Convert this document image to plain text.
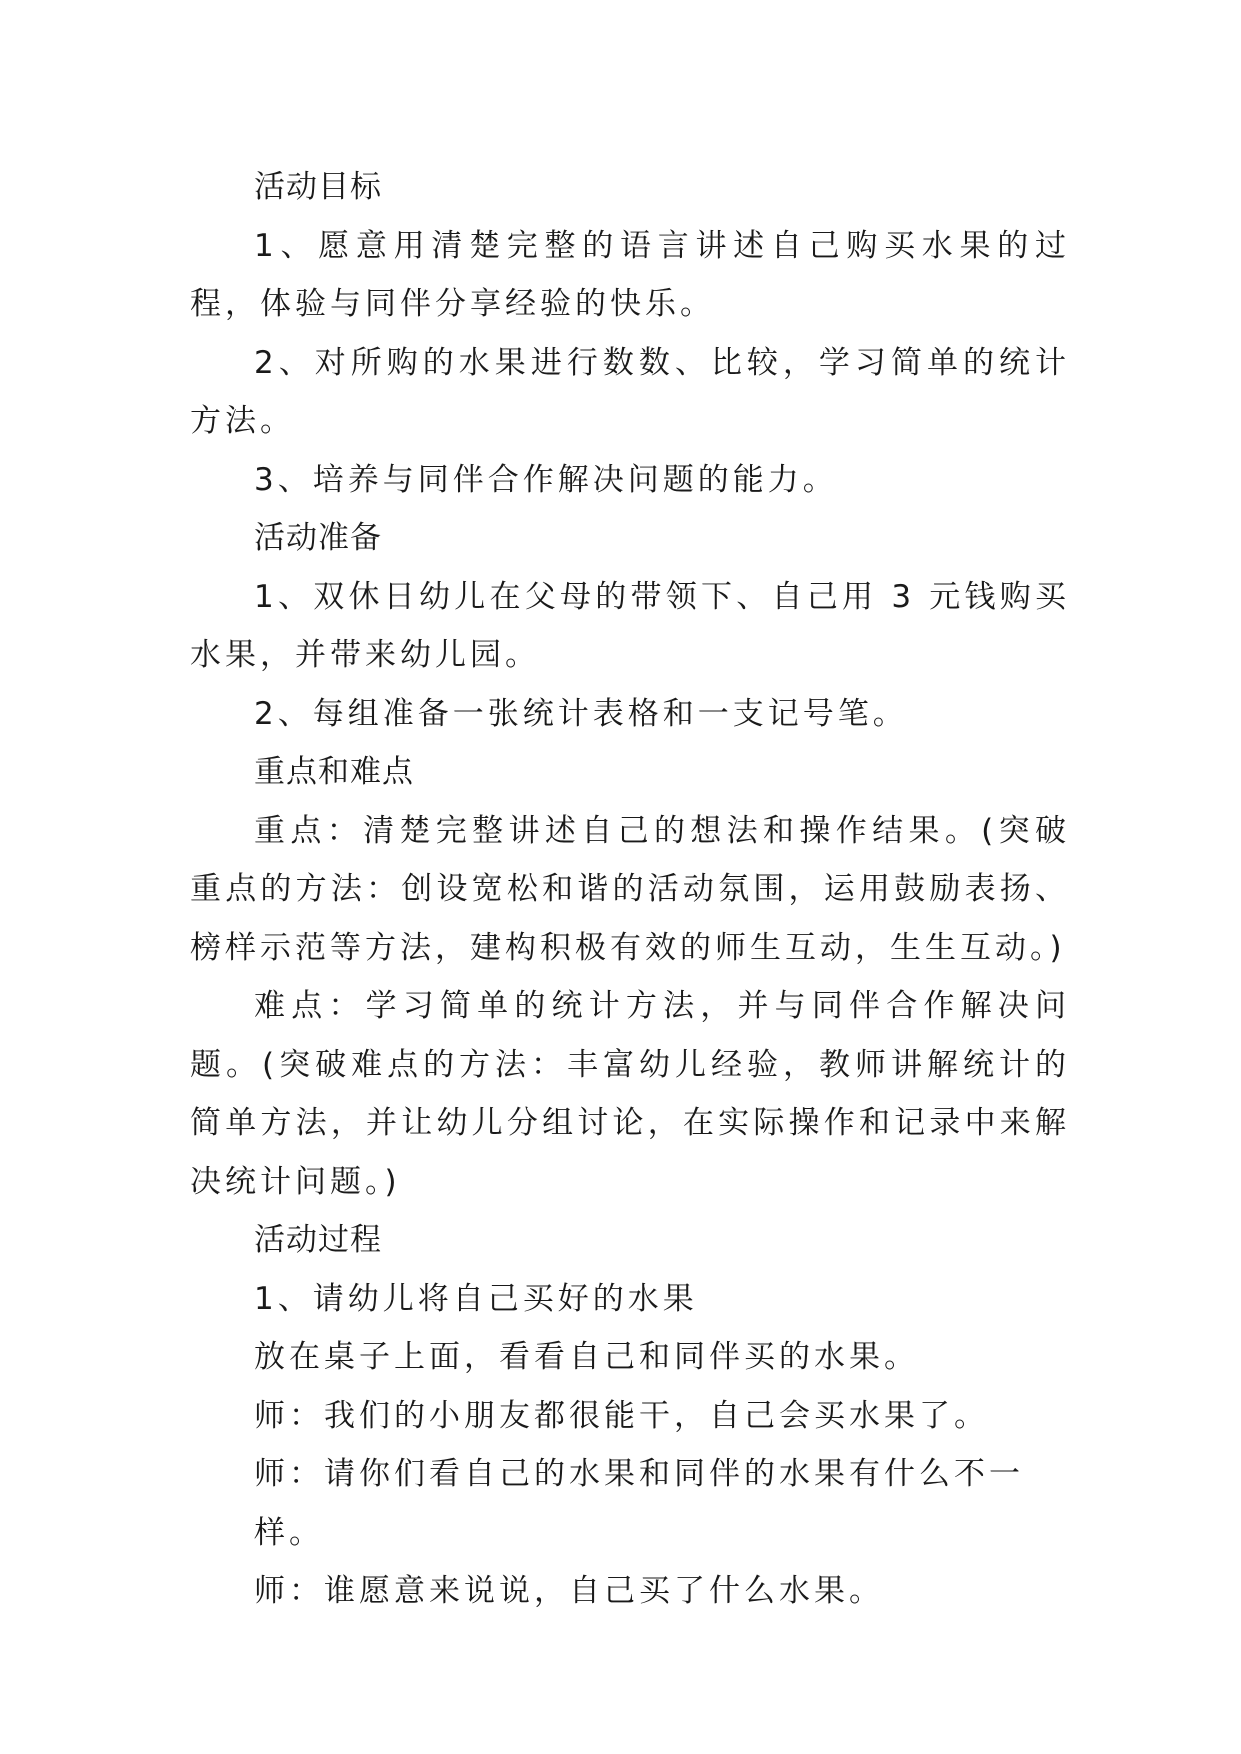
活动目标

1、愿意用清楚完整的语言讲述自己购买水果的过程，体验与同伴分享经验的快乐。

2、对所购的水果进行数数、比较，学习简单的统计方法。

3、培养与同伴合作解决问题的能力。

活动准备

1、双休日幼儿在父母的带领下、自己用 3 元钱购买水果，并带来幼儿园。

2、每组准备一张统计表格和一支记号笔。

重点和难点

重点：清楚完整讲述自己的想法和操作结果。(突破重点的方法：创设宽松和谐的活动氛围，运用鼓励表扬、榜样示范等方法，建构积极有效的师生互动，生生互动。)

难点：学习简单的统计方法，并与同伴合作解决问题。(突破难点的方法：丰富幼儿经验，教师讲解统计的简单方法，并让幼儿分组讨论，在实际操作和记录中来解决统计问题。)

活动过程

1、请幼儿将自己买好的水果

放在桌子上面，看看自己和同伴买的水果。

师：我们的小朋友都很能干，自己会买水果了。

师：请你们看自己的水果和同伴的水果有什么不一样。

师：谁愿意来说说，自己买了什么水果。
